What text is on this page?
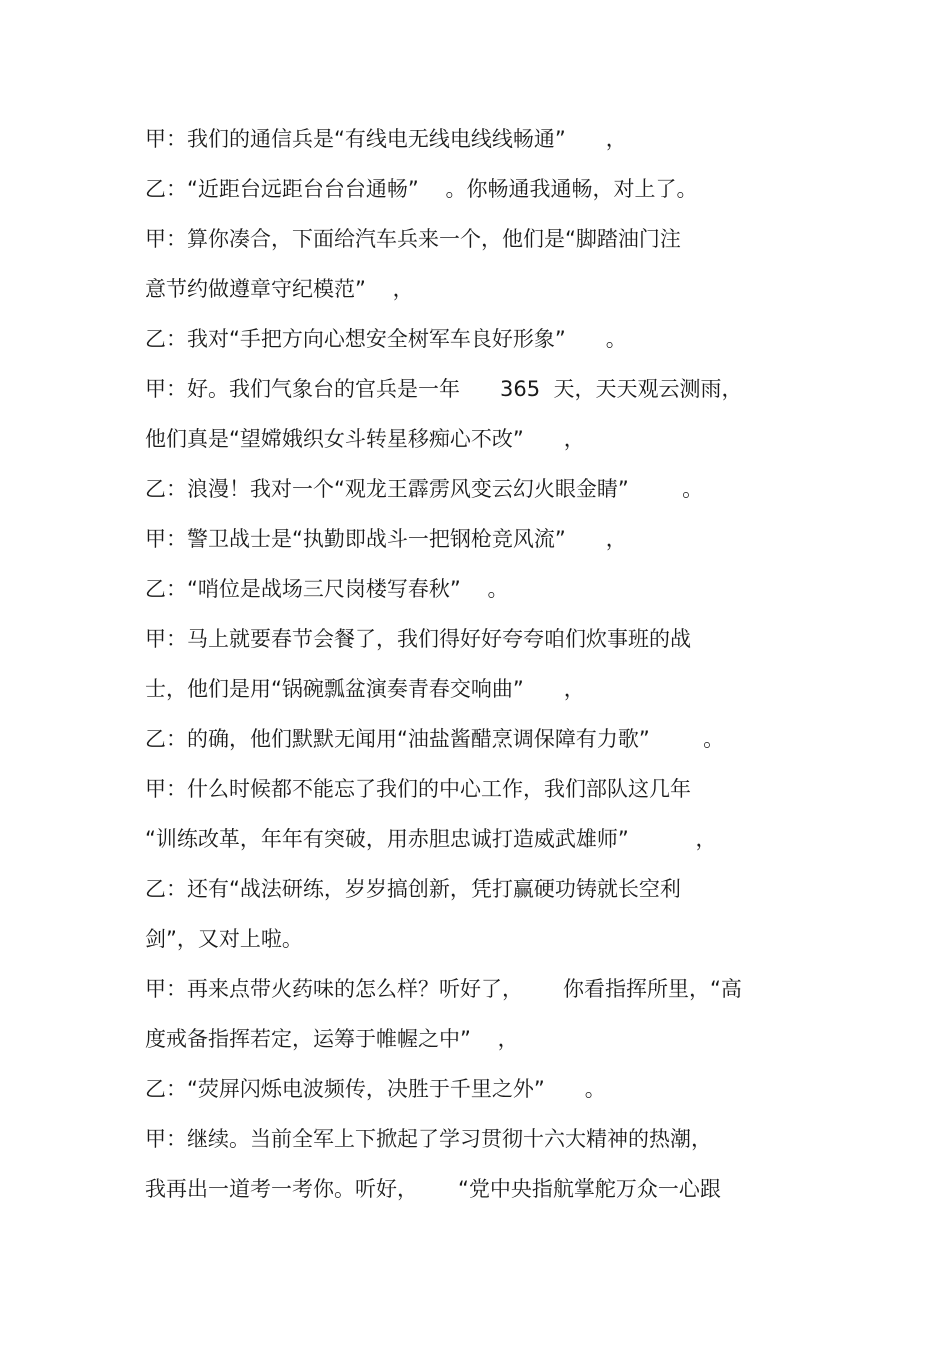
甲：我们的通信兵是“有线电无线电线线畅通”      ，

乙：“近距台远距台台台通畅”    。你畅通我通畅，对上了。

甲：算你凑合，下面给汽车兵来一个，他们是“脚踏油门注

意节约做遵章守纪模范”    ，

乙：我对“手把方向心想安全树军车良好形象”      。

甲：好。我们气象台的官兵是一年      365  天，天天观云测雨，

他们真是“望嫦娥织女斗转星移痴心不改”      ，

乙：浪漫！我对一个“观龙王霹雳风变云幻火眼金睛”        。

甲：警卫战士是“执勤即战斗一把钢枪竞风流”      ，

乙：“哨位是战场三尺岗楼写春秋”    。

甲：马上就要春节会餐了，我们得好好夸夸咱们炊事班的战

士，他们是用“锅碗瓢盆演奏青春交响曲”      ，

乙：的确，他们默默无闻用“油盐酱醋烹调保障有力歌”        。

甲：什么时候都不能忘了我们的中心工作，我们部队这几年

“训练改革，年年有突破，用赤胆忠诚打造威武雄师”          ，

乙：还有“战法研练，岁岁搞创新，凭打赢硬功铸就长空利

剑”，又对上啦。

甲：再来点带火药味的怎么样？听好了，      你看指挥所里，“高

度戒备指挥若定，运筹于帷幄之中”    ，

乙：“荧屏闪烁电波频传，决胜于千里之外”      。

甲：继续。当前全军上下掀起了学习贯彻十六大精神的热潮，

我再出一道考一考你。听好，      “党中央指航掌舵万众一心跟
